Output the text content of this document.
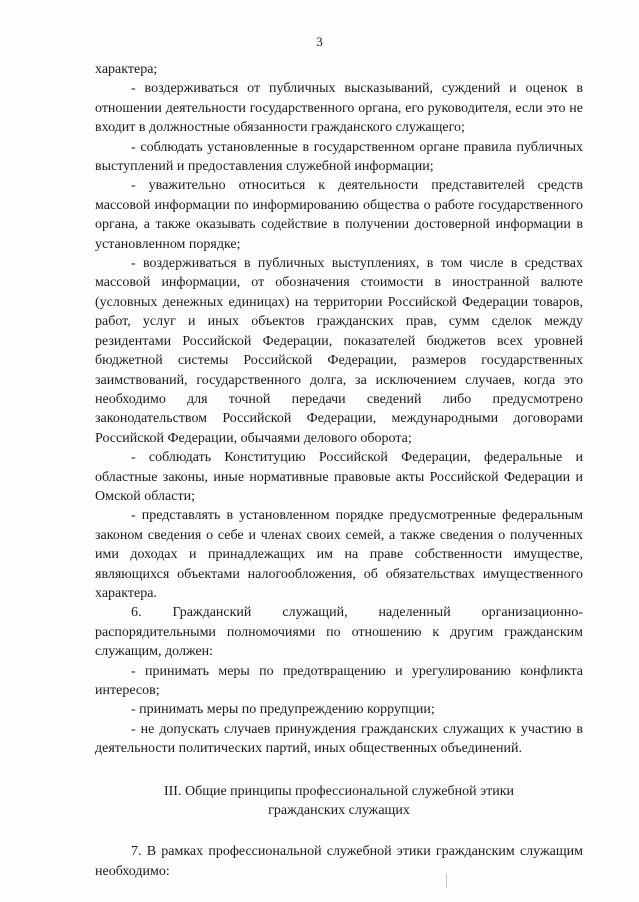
3

характера;

- воздерживаться от публичных высказываний, суждений и оценок в отношении деятельности государственного органа, его руководителя, если это не входит в должностные обязанности гражданского служащего;

- соблюдать установленные в государственном органе правила публичных выступлений и предоставления служебной информации;

- уважительно относиться к деятельности представителей средств массовой информации по информированию общества о работе государственного органа, а также оказывать содействие в получении достоверной информации в установленном порядке;

- воздерживаться в публичных выступлениях, в том числе в средствах массовой информации, от обозначения стоимости в иностранной валюте (условных денежных единицах) на территории Российской Федерации товаров, работ, услуг и иных объектов гражданских прав, сумм сделок между резидентами Российской Федерации, показателей бюджетов всех уровней бюджетной системы Российской Федерации, размеров государственных заимствований, государственного долга, за исключением случаев, когда это необходимо для точной передачи сведений либо предусмотрено законодательством Российской Федерации, международными договорами Российской Федерации, обычаями делового оборота;

- соблюдать Конституцию Российской Федерации, федеральные и областные законы, иные нормативные правовые акты Российской Федерации и Омской области;

- представлять в установленном порядке предусмотренные федеральным законом сведения о себе и членах своих семей, а также сведения о полученных ими доходах и принадлежащих им на праве собственности имуществе, являющихся объектами налогообложения, об обязательствах имущественного характера.

6. Гражданский служащий, наделенный организационно-распорядительными полномочиями по отношению к другим гражданским служащим, должен:

- принимать меры по предотвращению и урегулированию конфликта интересов;

- принимать меры по предупреждению коррупции;

- не допускать случаев принуждения гражданских служащих к участию в деятельности политических партий, иных общественных объединений.

III. Общие принципы профессиональной служебной этики
гражданских служащих

7. В рамках профессиональной служебной этики гражданским служащим необходимо:
